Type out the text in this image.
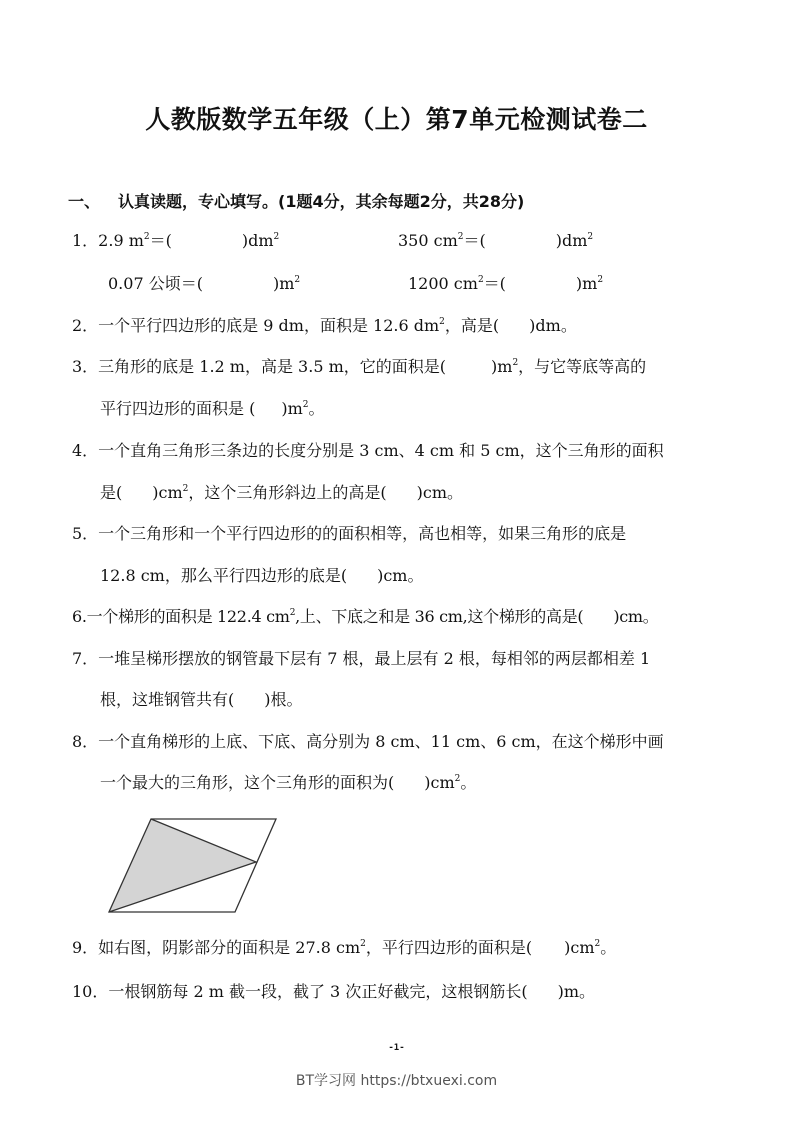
人教版数学五年级（上）第7单元检测试卷二
一、 认真读题，专心填写。(1题4分，其余每题2分，共28分)
1．2.9 $m^2=$(	)$dm^2$	350 $cm^2=$(	)$dm^2$
0.07 公顷＝(	)$m^2$	1200 $cm^2=$(	)$m^2$
2．一个平行四边形的底是 9 dm，面积是 12.6 $dm^2$，高是( )dm。
3．三角形的底是 1.2 m，高是 3.5 m，它的面积是(	)$m^2$，与它等底等高的
平行四边形的面积是 ( )$m^2$。
4．一个直角三角形三条边的长度分别是 3 cm、4 cm 和 5 cm，这个三角形的面积
是( )$cm^2$，这个三角形斜边上的高是( )cm。
5．一个三角形和一个平行四边形的的面积相等，高也相等，如果三角形的底是
12.8 cm，那么平行四边形的底是( )cm。
6.一个梯形的面积是 122.4 $cm^2$,上、下底之和是 36 cm,这个梯形的高是( )cm。
7．一堆呈梯形摆放的钢管最下层有 7 根，最上层有 2 根，每相邻的两层都相差 1
根，这堆钢管共有( )根。
8．一个直角梯形的上底、下底、高分别为 8 cm、11 cm、6 cm，在这个梯形中画
一个最大的三角形，这个三角形的面积为( )$cm^2$。
9．如右图，阴影部分的面积是 27.8 $cm^2$，平行四边形的面积是( )$cm^2$。
10．一根钢筋每 2 m 截一段，截了 3 次正好截完，这根钢筋长( )m。
-1-
BT学习网 https://btxuexi.com
